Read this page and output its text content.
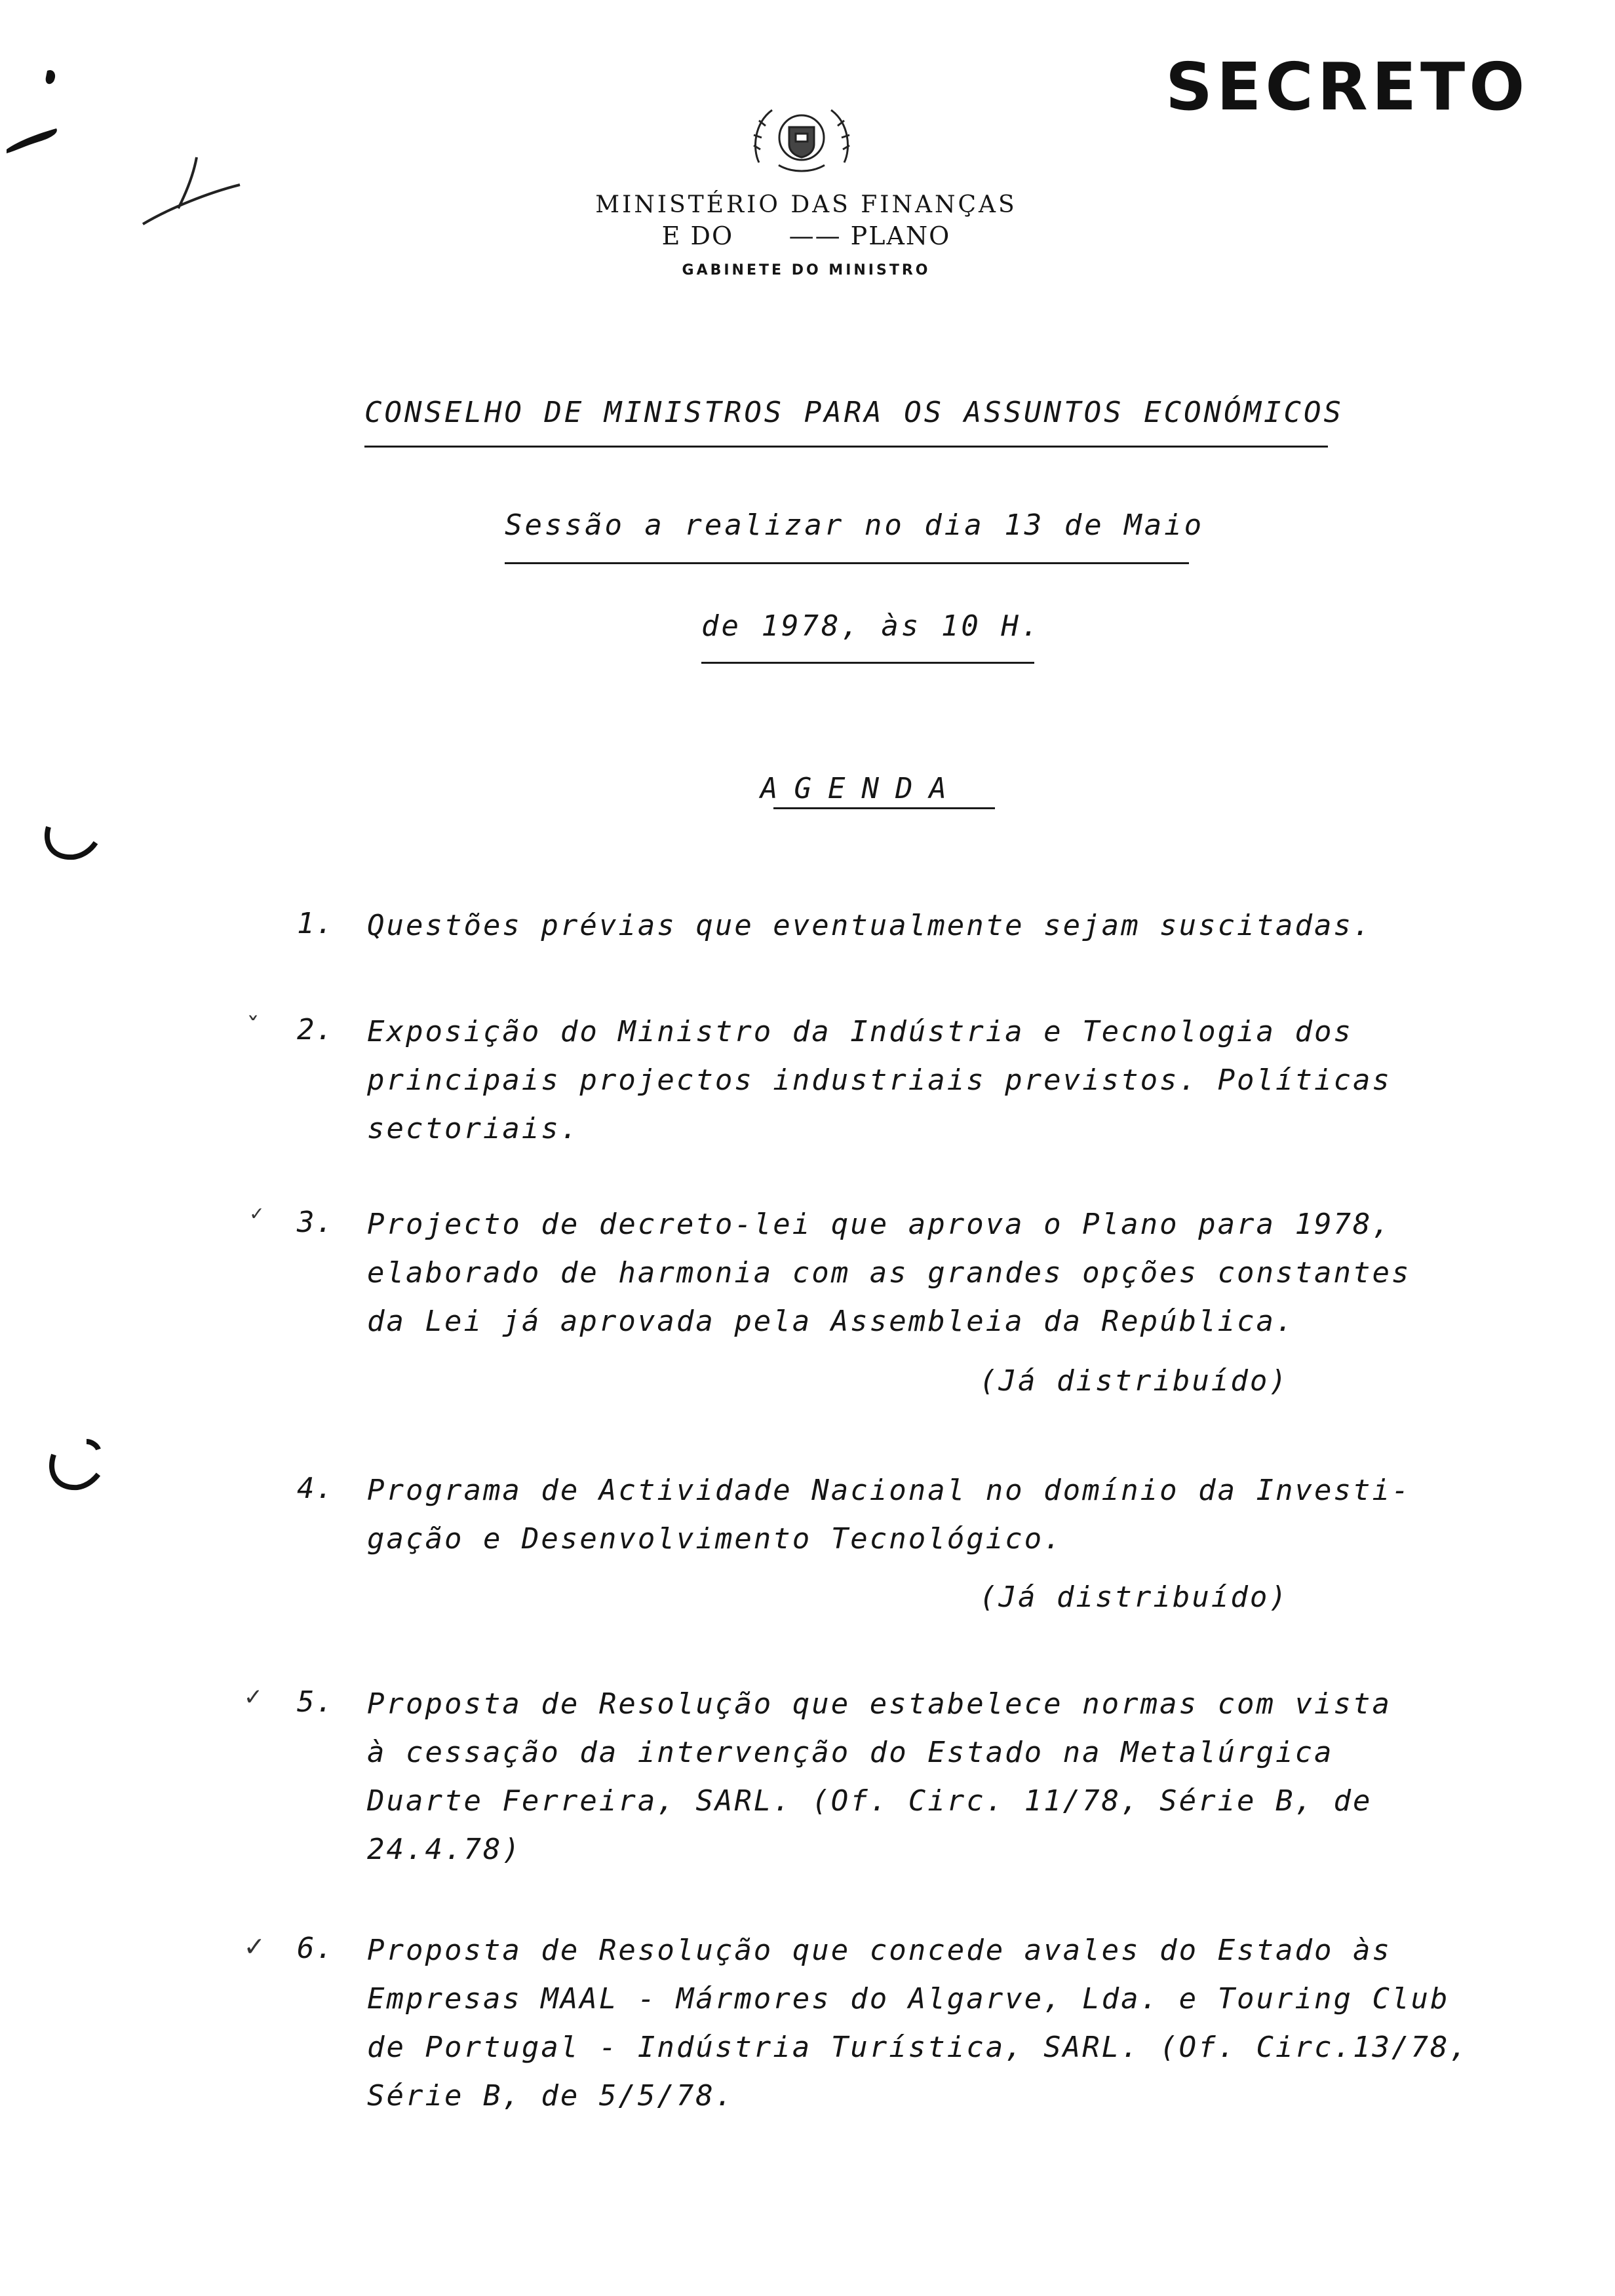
SECRETO
MINISTÉRIO DAS FINANÇAS
E DO      —— PLANO
GABINETE DO MINISTRO
CONSELHO DE MINISTROS PARA OS ASSUNTOS ECONÓMICOS
Sessão a realizar no dia 13 de Maio
de 1978, às 10 H.
AGENDA
1. Questões prévias que eventualmente sejam suscitadas.
ˇ	2. Exposição do Ministro da Indústria e Tecnologia dos
principais projectos industriais previstos. Políticas
sectoriais.
✓	3. Projecto de decreto-lei que aprova o Plano para 1978,
elaborado de harmonia com as grandes opções constantes
da Lei já aprovada pela Assembleia da República.
(Já distribuído)
4. Programa de Actividade Nacional no domínio da Investi-
gação e Desenvolvimento Tecnológico.
(Já distribuído)
✓	5. Proposta de Resolução que estabelece normas com vista
à cessação da intervenção do Estado na Metalúrgica
Duarte Ferreira, SARL. (Of. Circ. 11/78, Série B, de
24.4.78)
✓	6. Proposta de Resolução que concede avales do Estado às
Empresas MAAL - Mármores do Algarve, Lda. e Touring Club
de Portugal - Indústria Turística, SARL. (Of. Circ.13/78,
Série B, de 5/5/78.
